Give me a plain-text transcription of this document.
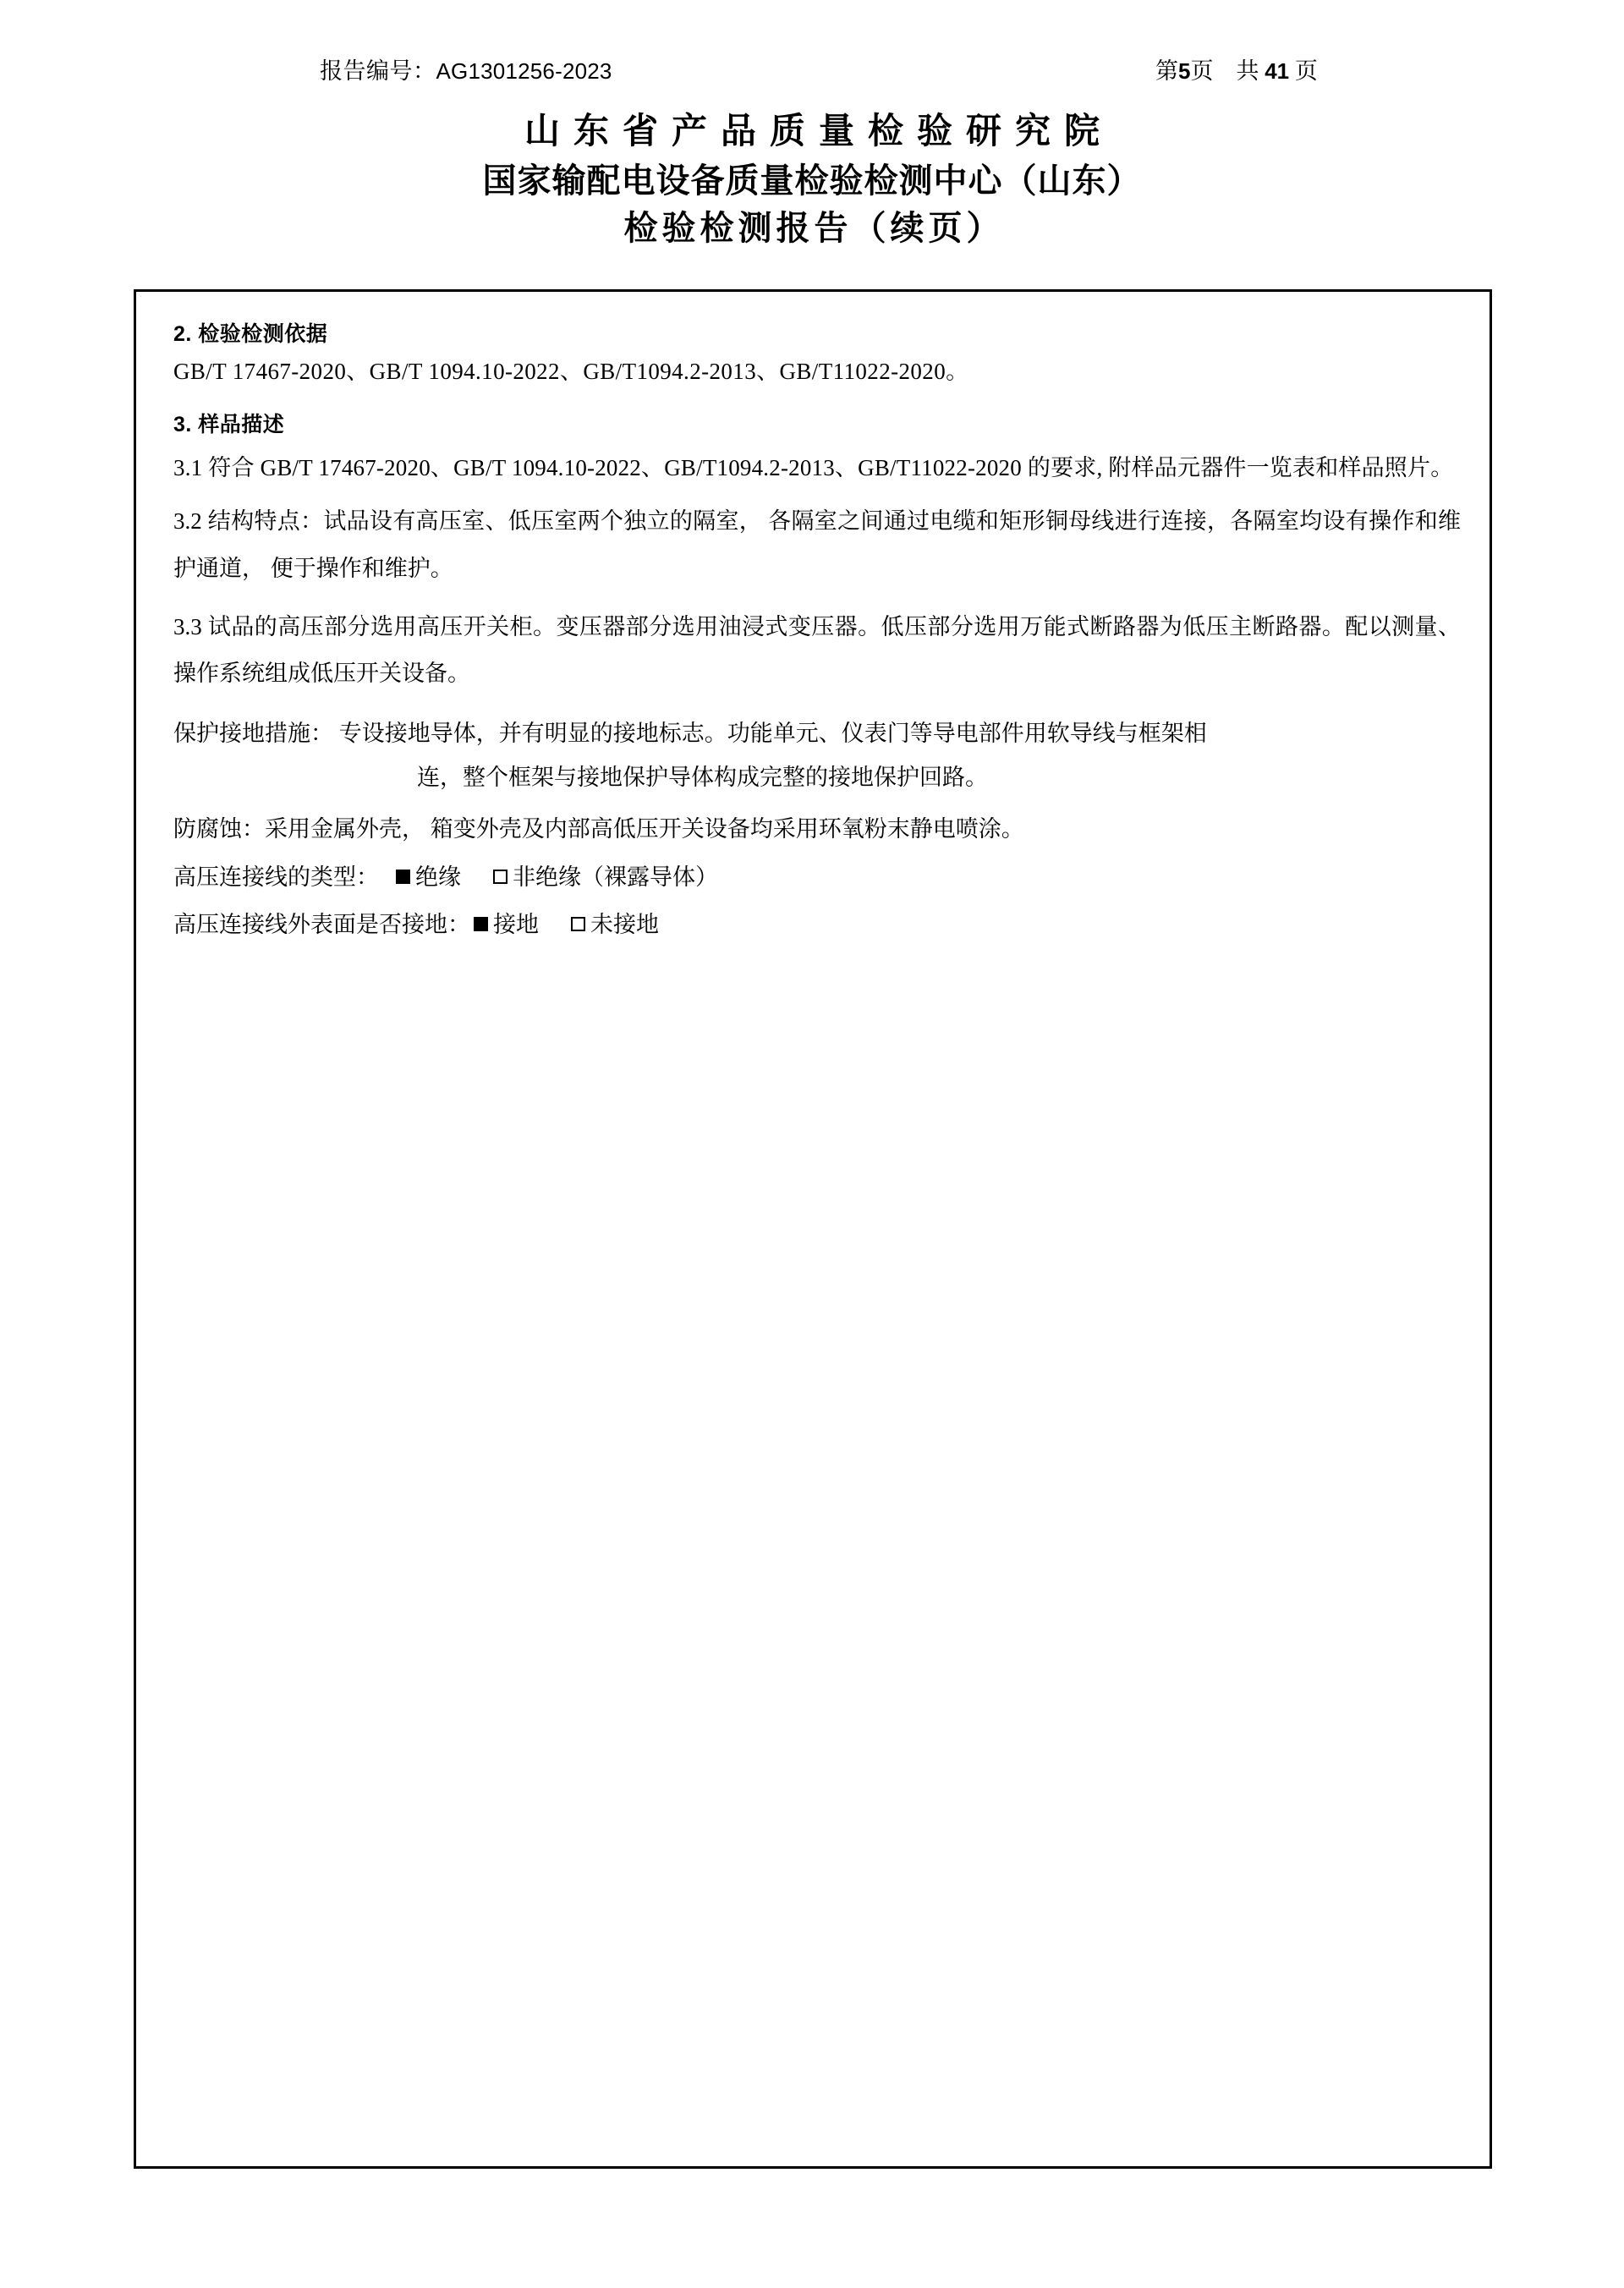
报告编号：AG1301256-2023	第5页　共 41 页
山东省产品质量检验研究院
国家输配电设备质量检验检测中心（山东）
检验检测报告（续页）
2. 检验检测依据
GB/T 17467-2020、GB/T 1094.10-2022、GB/T1094.2-2013、GB/T11022-2020。
3. 样品描述
3.1 符合 GB/T 17467-2020、GB/T 1094.10-2022、GB/T1094.2-2013、GB/T11022-2020 的要求, 附样品元器件一览表和样品照片。
3.2 结构特点：试品设有高压室、低压室两个独立的隔室， 各隔室之间通过电缆和矩形铜母线进行连接，各隔室均设有操作和维护通道， 便于操作和维护。
3.3 试品的高压部分选用高压开关柜。变压器部分选用油浸式变压器。低压部分选用万能式断路器为低压主断路器。配以测量、操作系统组成低压开关设备。
保护接地措施： 专设接地导体，并有明显的接地标志。功能单元、仪表门等导电部件用软导线与框架相
连，整个框架与接地保护导体构成完整的接地保护回路。
防腐蚀：采用金属外壳， 箱变外壳及内部高低压开关设备均采用环氧粉末静电喷涂。
高压连接线的类型： 绝缘 非绝缘（裸露导体）
高压连接线外表面是否接地： 接地 未接地
